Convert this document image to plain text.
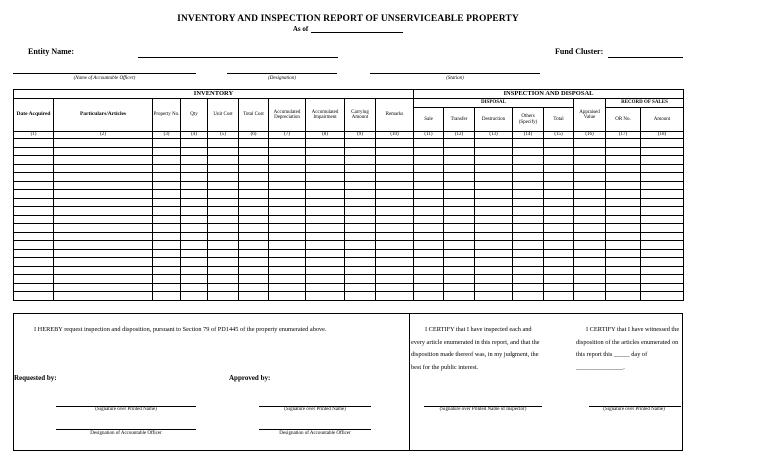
INVENTORY AND INSPECTION REPORT OF UNSERVICEABLE PROPERTY
As of
Entity Name:	Fund Cluster:
(Name of Accountable Officer)	(Designation)	(Station)
INVENTORY										INSPECTION AND DISPOSAL							
Date Acquired	Particulars/Articles	Property No.	Qty	Unit Cost	Total Cost	Accumulated Depreciation	Accumulated Impairment	Carrying Amount	Remarks	DISPOSAL					Appraised Value	RECORD OF SALES	
										Sale	Transfer	Destruction	Others (Specify)	Total		OR No.	Amount
(1)	(2)	(3)	(4)	(5)	(6)	(7)	(8)	(9)	(10)	(11)	(12)	(13)	(14)	(15)	(16)	(17)	(18)

I HEREBY request inspection and disposition, pursuant to Section 79 of PD1445 of the property enumerated above.
Requested by:	Approved by:
(Signature over Printed Name)
Designation of Accountable Officer
(Signature over Printed Name)
Designation of Accountable Officer
I CERTIFY that I have inspected each and every article enumerated in this report, and that the disposition made thereof was, in my judgment, the best for the public interest.
(Signature over Printed Name of Inspector)
I CERTIFY that I have witnessed the disposition of the articles enumerated on this report this _____ day of _______________.
(Signature over Printed Name)
